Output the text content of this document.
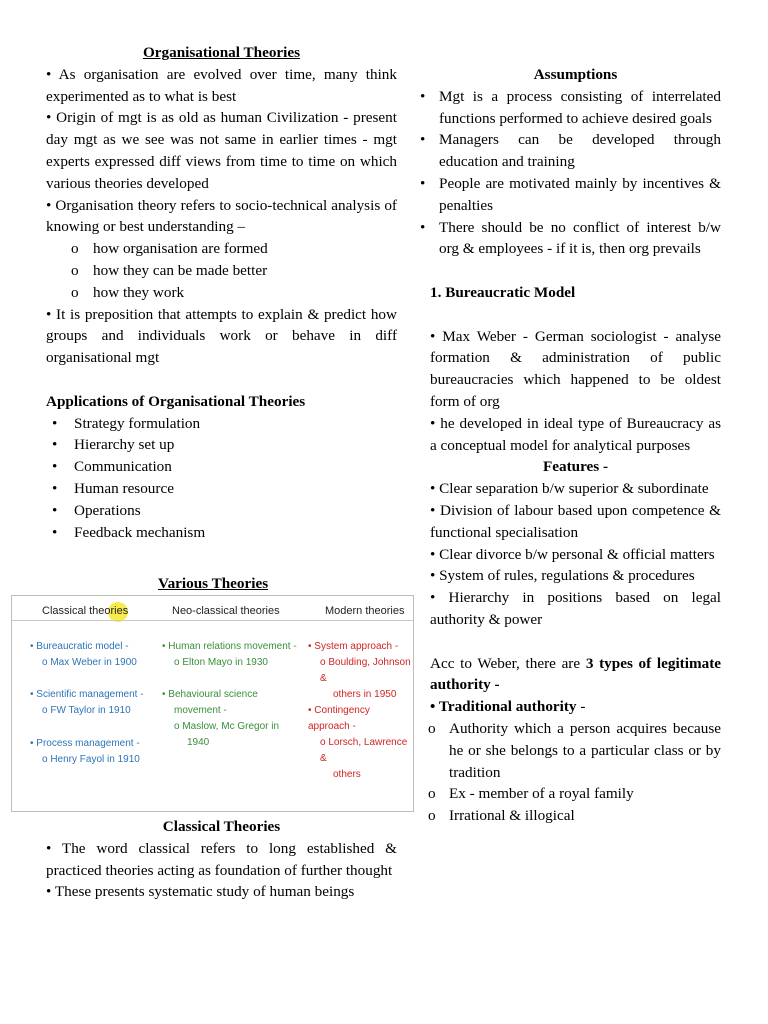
Organisational Theories

• As organisation are evolved over time, many think experimented as to what is best

• Origin of mgt is as old as human Civilization - present day mgt as we see was not same in earlier times - mgt experts expressed diff views from time to time on which various theories developed

• Organisation theory refers to socio-technical analysis of knowing or best understanding –

o how organisation are formed
o how they can be made better
o how they work

• It is preposition that attempts to explain & predict how groups and individuals work or behave in diff organisational mgt

Applications of Organisational Theories

• Strategy formulation
• Hierarchy set up
• Communication
• Human resource
• Operations
• Feedback mechanism

Various Theories

Classical theories	Neo-classical theories	Modern theories
• Bureaucratic model -
o Max Weber in 1900
• Scientific management -
o FW Taylor in 1910
• Process management -
o Henry Fayol in 1910
• Human relations movement -
o Elton Mayo in 1930
• Behavioural science
movement -
o Maslow, Mc Gregor in
1940
• System approach -
o Boulding, Johnson &
others in 1950
• Contingency approach -
o Lorsch, Lawrence &
others

Classical Theories

• The word classical refers to long established & practiced theories acting as foundation of further thought

• These presents systematic study of human beings

Assumptions

• Mgt is a process consisting of interrelated functions performed to achieve desired goals
• Managers can be developed through education and training
• People are motivated mainly by incentives & penalties
• There should be no conflict of interest b/w org & employees - if it is, then org prevails

1. Bureaucratic Model

• Max Weber - German sociologist - analyse formation & administration of public bureaucracies which happened to be oldest form of org

• he developed in ideal type of Bureaucracy as a conceptual model for analytical purposes

Features -

• Clear separation b/w superior & subordinate

• Division of labour based upon competence & functional specialisation

• Clear divorce b/w personal & official matters

• System of rules, regulations & procedures

• Hierarchy in positions based on legal authority & power

Acc to Weber, there are 3 types of legitimate authority -

• Traditional authority -

o Authority which a person acquires because he or she belongs to a particular class or by tradition
o Ex - member of a royal family
o Irrational & illogical
